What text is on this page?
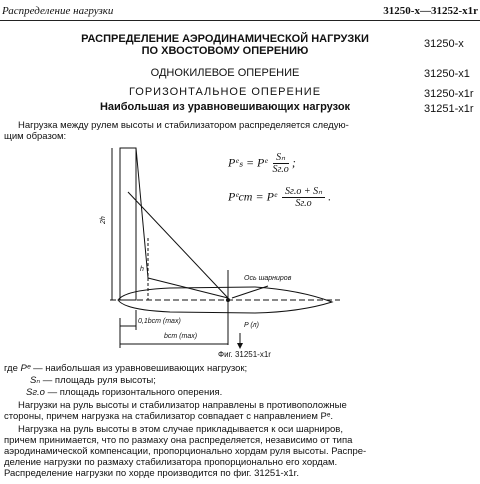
Распределение нагрузки	31250-x—31252-x1r
РАСПРЕДЕЛЕНИЕ АЭРОДИНАМИЧЕСКОЙ НАГРУЗКИ
ПО ХВОСТОВОМУ ОПЕРЕНИЮ
ОДНОКИЛЕВОЕ ОПЕРЕНИЕ
ГОРИЗОНТАЛЬНОЕ ОПЕРЕНИЕ
Наибольшая из уравновешивающих нагрузок
31250-x
31250-x1
31250-x1r
31251-x1r
Нагрузка между рулем высоты и стабилизатором распределяется следую-
щим образом:
Pᵉₛ = Pᵉ Sₙ
Sг.о
;
Pᵉст = Pᵉ Sг.о + Sₙ
Sг.о
.
2h
h
0,1bст (max)
bст (max)
Ось шарниров
P (л)
Фиг. 31251-x1r
где Pᵉ — наибольшая из уравновешивающих нагрузок;
Sₙ — площадь руля высоты;
Sг.о — площадь горизонтального оперения.
Нагрузки на руль высоты и стабилизатор направлены в противоположные
стороны, причем нагрузка на стабилизатор совпадает с направлением Pᵉ.
Нагрузка на руль высоты в этом случае прикладывается к оси шарниров,
причем принимается, что по размаху она распределяется, независимо от типа
аэродинамической компенсации, пропорционально хордам руля высоты. Распре-
деление нагрузки по размаху стабилизатора пропорционально его хордам.
Распределение нагрузки по хорде производится по фиг. 31251-x1r.
